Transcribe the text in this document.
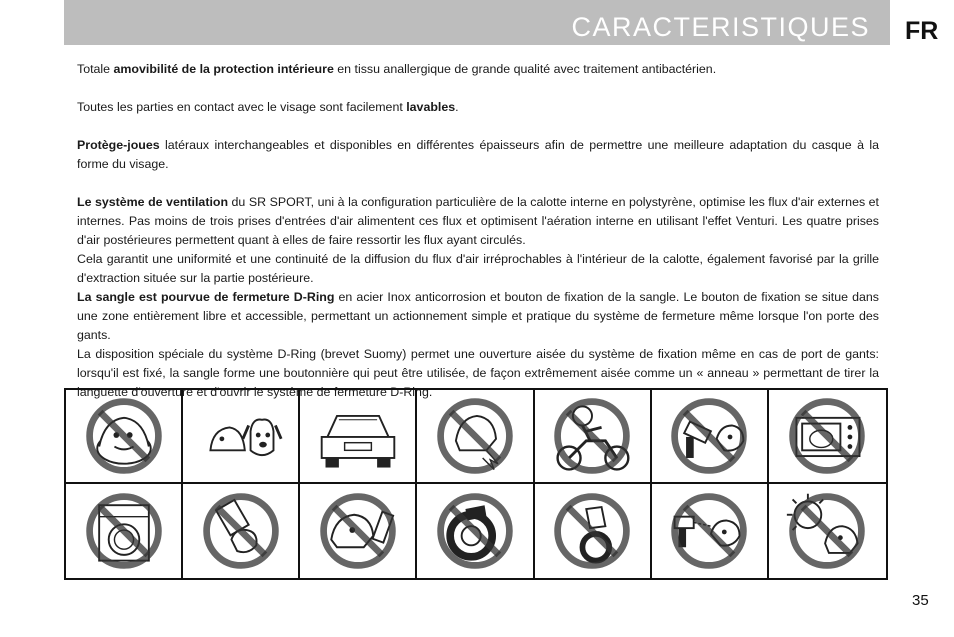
CARACTERISTIQUES FR

Totale amovibilité de la protection intérieure en tissu anallergique de grande qualité avec traitement antibactérien.

Toutes les parties en contact avec le visage sont facilement lavables.

Protège-joues latéraux interchangeables et disponibles en différentes épaisseurs afin de permettre une meilleure adaptation du casque à la forme du visage.

Le système de ventilation du SR SPORT, uni à la configuration particulière de la calotte interne en polystyrène, optimise les flux d'air externes et internes. Pas moins de trois prises d'entrées d'air alimentent ces flux et optimisent l'aération interne en utilisant l'effet Venturi. Les quatre prises d'air postérieures permettent quant à elles de faire ressortir les flux ayant circulés.

Cela garantit une uniformité et une continuité de la diffusion du flux d'air irréprochables à l'intérieur de la calotte, également favorisé par la grille d'extraction située sur la partie postérieure.

La sangle est pourvue de fermeture D-Ring en acier Inox anticorrosion et bouton de fixation de la sangle. Le bouton de fixation se situe dans une zone entièrement libre et accessible, permettant un actionnement simple et pratique du système de fermeture même lorsque l'on porte des gants.

La disposition spéciale du système D-Ring (brevet Suomy) permet une ouverture aisée du système de fixation même en cas de port de gants: lorsqu'il est fixé, la sangle forme une boutonnière qui peut être utilisée, de façon extrêmement aisée comme un « anneau » permettant de tirer la languette d'ouverture et d'ouvrir le système de fermeture D-Ring.

35
